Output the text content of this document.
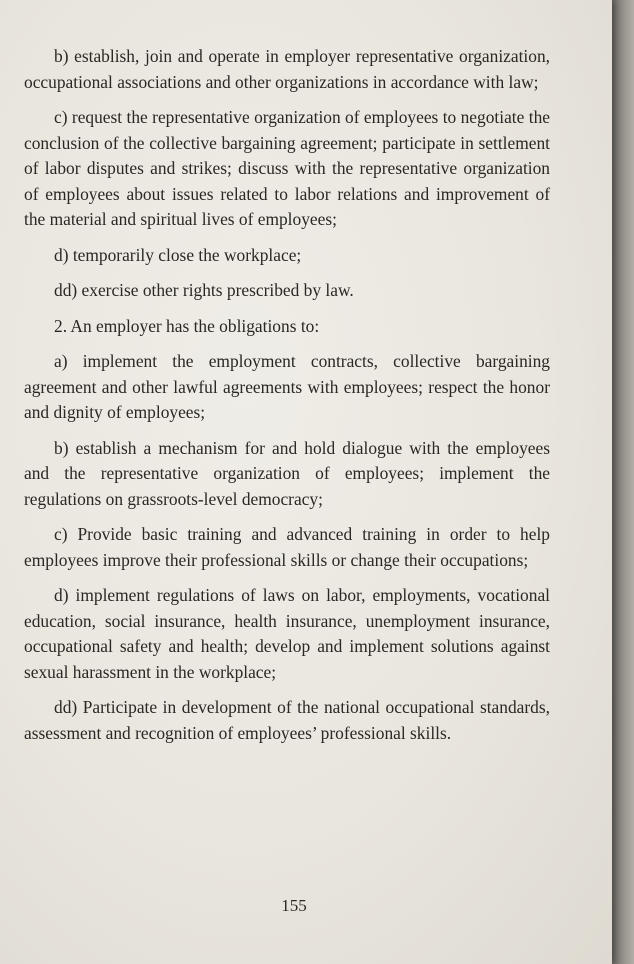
b) establish, join and operate in employer representative organization, occupational associations and other organizations in accordance with law;

c) request the representative organization of employees to negotiate the conclusion of the collective bargaining agreement; participate in settlement of labor disputes and strikes; discuss with the representative organization of employees about issues related to labor relations and improvement of the material and spiritual lives of employees;

d) temporarily close the workplace;

dd) exercise other rights prescribed by law.

2. An employer has the obligations to:

a) implement the employment contracts, collective bargaining agreement and other lawful agreements with employees; respect the honor and dignity of employees;

b) establish a mechanism for and hold dialogue with the employees and the representative organization of employees; implement the regulations on grassroots-level democracy;

c) Provide basic training and advanced training in order to help employees improve their professional skills or change their occupations;

d) implement regulations of laws on labor, employments, vocational education, social insurance, health insurance, unemployment insurance, occupational safety and health; develop and implement solutions against sexual harassment in the workplace;

dd) Participate in development of the national occupational standards, assessment and recognition of employees’ professional skills.

155
